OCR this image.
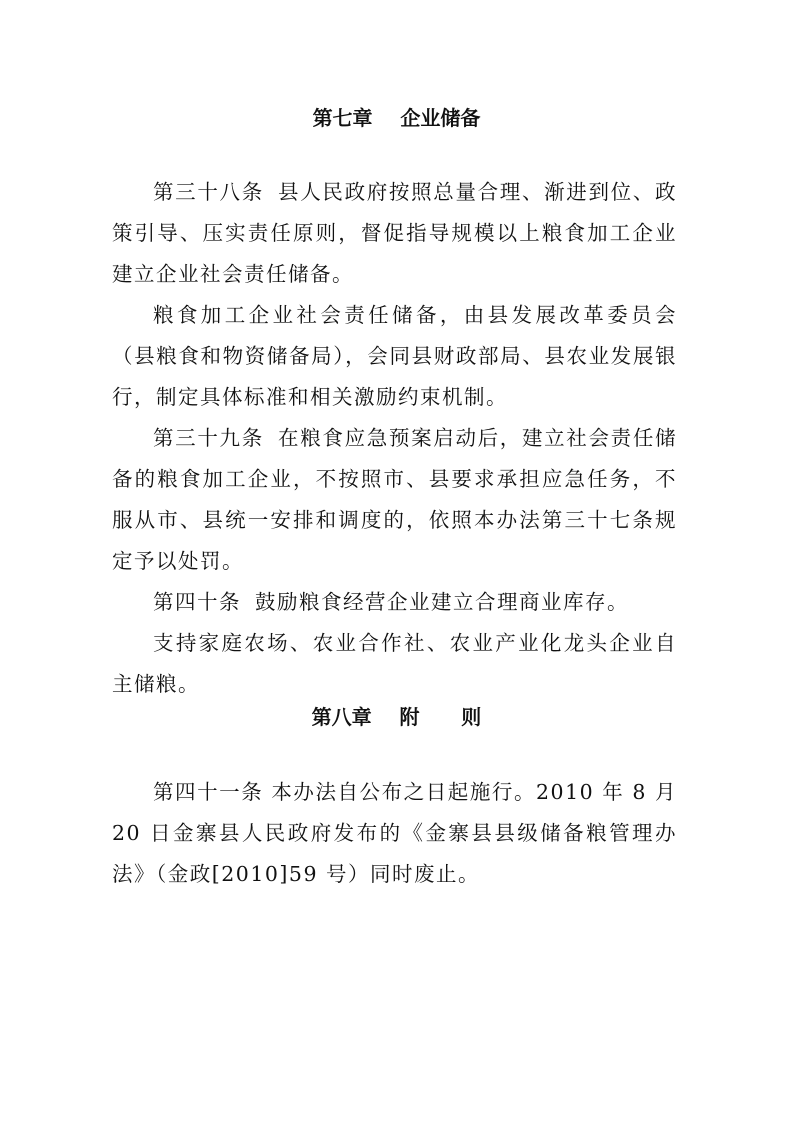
第七章    企业储备

第三十八条 县人民政府按照总量合理、渐进到位、政策引导、压实责任原则，督促指导规模以上粮食加工企业建立企业社会责任储备。

粮食加工企业社会责任储备，由县发展改革委员会（县粮食和物资储备局），会同县财政部局、县农业发展银行，制定具体标准和相关激励约束机制。

第三十九条 在粮食应急预案启动后，建立社会责任储备的粮食加工企业，不按照市、县要求承担应急任务，不服从市、县统一安排和调度的，依照本办法第三十七条规定予以处罚。

第四十条 鼓励粮食经营企业建立合理商业库存。

支持家庭农场、农业合作社、农业产业化龙头企业自主储粮。

第八章    附      则

第四十一条 本办法自公布之日起施行。2010 年 8 月 20 日金寨县人民政府发布的《金寨县县级储备粮管理办法》（金政[2010]59 号）同时废止。
